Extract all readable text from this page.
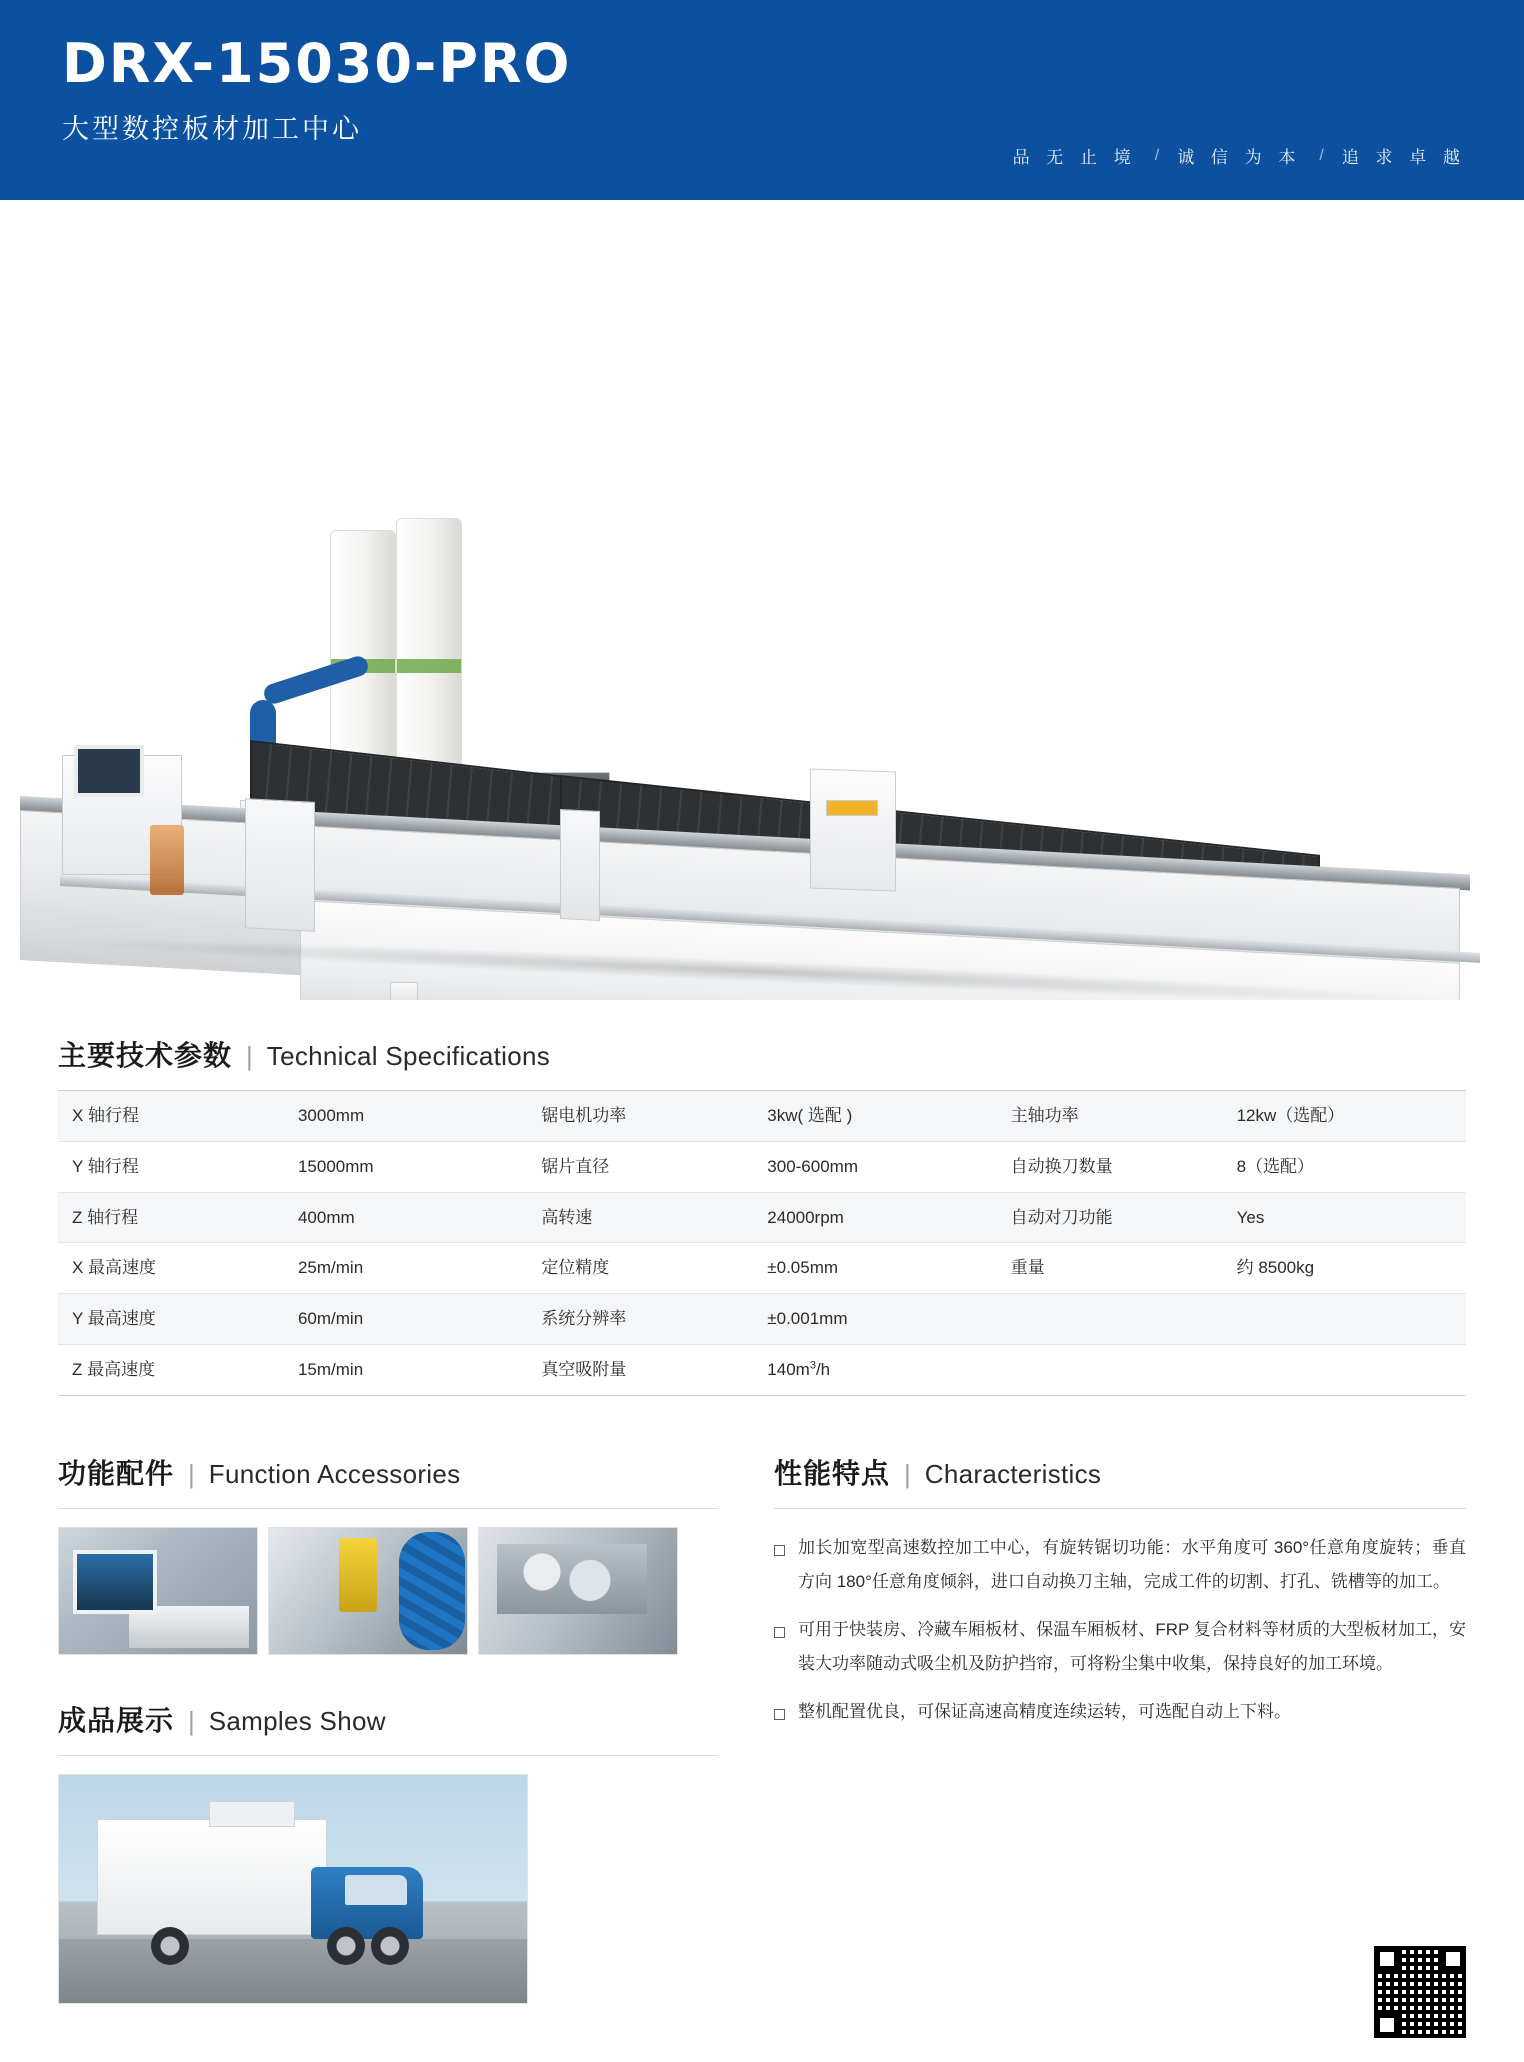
DRX-15030-PRO
大型数控板材加工中心
品 无 止 境 / 诚 信 为 本 / 追 求 卓 越
主要技术参数 | Technical Specifications
X 轴行程	3000mm	锯电机功率	3kw( 选配 )	主轴功率	12kw（选配）
Y 轴行程	15000mm	锯片直径	300-600mm	自动换刀数量	8（选配）
Z 轴行程	400mm	高转速	24000rpm	自动对刀功能	Yes
X 最高速度	25m/min	定位精度	±0.05mm	重量	约 8500kg
Y 最高速度	60m/min	系统分辨率	±0.001mm		
Z 最高速度	15m/min	真空吸附量	$140m^3/h$		
功能配件 | Function Accessories
成品展示 | Samples Show
性能特点 | Characteristics
加长加宽型高速数控加工中心，有旋转锯切功能：水平角度可 360°任意角度旋转；垂直方向 180°任意角度倾斜，进口自动换刀主轴，完成工件的切割、打孔、铣槽等的加工。
可用于快装房、冷藏车厢板材、保温车厢板材、FRP 复合材料等材质的大型板材加工，安装大功率随动式吸尘机及防护挡帘，可将粉尘集中收集，保持良好的加工环境。
整机配置优良，可保证高速高精度连续运转，可选配自动上下料。
